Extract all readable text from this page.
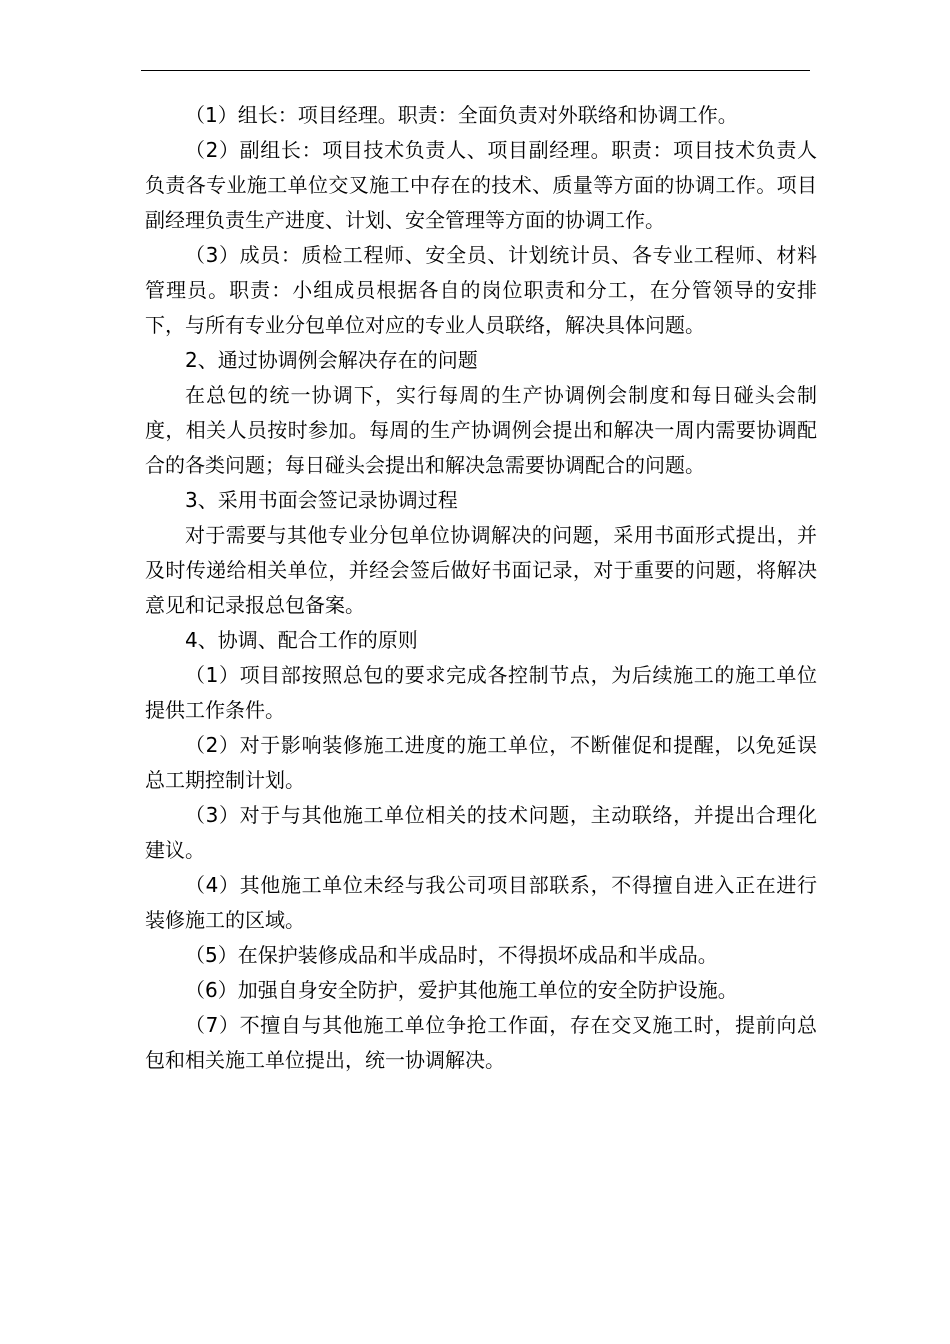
（1）组长：项目经理。职责：全面负责对外联络和协调工作。

（2）副组长：项目技术负责人、项目副经理。职责：项目技术负责人负责各专业施工单位交叉施工中存在的技术、质量等方面的协调工作。项目副经理负责生产进度、计划、安全管理等方面的协调工作。

（3）成员：质检工程师、安全员、计划统计员、各专业工程师、材料管理员。职责：小组成员根据各自的岗位职责和分工，在分管领导的安排下，与所有专业分包单位对应的专业人员联络，解决具体问题。

2、通过协调例会解决存在的问题

在总包的统一协调下，实行每周的生产协调例会制度和每日碰头会制度，相关人员按时参加。每周的生产协调例会提出和解决一周内需要协调配合的各类问题；每日碰头会提出和解决急需要协调配合的问题。

3、采用书面会签记录协调过程

对于需要与其他专业分包单位协调解决的问题，采用书面形式提出，并及时传递给相关单位，并经会签后做好书面记录，对于重要的问题，将解决意见和记录报总包备案。

4、协调、配合工作的原则

（1）项目部按照总包的要求完成各控制节点，为后续施工的施工单位提供工作条件。

（2）对于影响装修施工进度的施工单位，不断催促和提醒，以免延误总工期控制计划。

（3）对于与其他施工单位相关的技术问题，主动联络，并提出合理化建议。

（4）其他施工单位未经与我公司项目部联系，不得擅自进入正在进行装修施工的区域。

（5）在保护装修成品和半成品时，不得损坏成品和半成品。

（6）加强自身安全防护，爱护其他施工单位的安全防护设施。

（7）不擅自与其他施工单位争抢工作面，存在交叉施工时，提前向总包和相关施工单位提出，统一协调解决。
